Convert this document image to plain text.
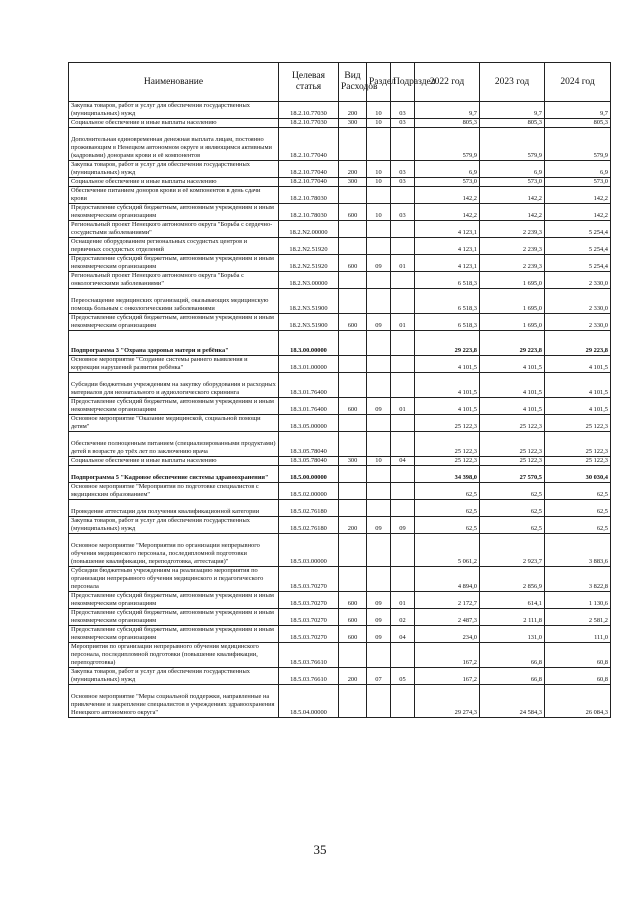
Наименование	Целевая статья	Вид Расходов	Раздел	Подраздел	2022 год	2023 год	2024 год
Закупка товаров, работ и услуг для обеспечения государственных (муниципальных) нужд	18.2.10.77030	200	10	03	9,7	9,7	9,7
Социальное обеспечение и иные выплаты населению	18.2.10.77030	300	10	03	805,3	805,3	805,3
Дополнительная единовременная денежная выплата лицам, постоянно проживающим в Ненецком автономном округе и являющимся активными (кадровыми) донорами крови и её компонентов	18.2.10.77040				579,9	579,9	579,9
Закупка товаров, работ и услуг для обеспечения государственных (муниципальных) нужд	18.2.10.77040	200	10	03	6,9	6,9	6,9
Социальное обеспечение и иные выплаты населению	18.2.10.77040	300	10	03	573,0	573,0	573,0
Обеспечение питанием доноров крови и её компонентов в день сдачи крови	18.2.10.78030				142,2	142,2	142,2
Предоставление субсидий бюджетным, автономным учреждениям и иным некоммерческим организациям	18.2.10.78030	600	10	03	142,2	142,2	142,2
Региональный проект Ненецкого автономного округа "Борьба с сердечно-сосудистыми заболеваниями"	18.2.N2.00000				4 123,1	2 239,3	5 254,4
Оснащение оборудованием региональных сосудистых центров и первичных сосудистых отделений	18.2.N2.51920				4 123,1	2 239,3	5 254,4
Предоставление субсидий бюджетным, автономным учреждениям и иным некоммерческим организациям	18.2.N2.51920	600	09	01	4 123,1	2 239,3	5 254,4
Региональный проект Ненецкого автономного округа "Борьба с онкологическими заболеваниями"	18.2.N3.00000				6 518,3	1 695,0	2 330,0
Переоснащение медицинских организаций, оказывающих медицинскую помощь больным с онкологическими заболеваниями	18.2.N3.51900				6 518,3	1 695,0	2 330,0
Предоставление субсидий бюджетным, автономным учреждениям и иным некоммерческим организациям	18.2.N3.51900	600	09	01	6 518,3	1 695,0	2 330,0
Подпрограмма 3 "Охрана здоровья матери и ребёнка"	18.3.00.00000				29 223,8	29 223,8	29 223,8
Основное мероприятие "Создание системы раннего выявления и коррекции нарушений развития ребёнка"	18.3.01.00000				4 101,5	4 101,5	4 101,5
Субсидии бюджетным учреждениям на закупку оборудования и расходных материалов для неонатального и аудиологического скрининга	18.3.01.76400				4 101,5	4 101,5	4 101,5
Предоставление субсидий бюджетным, автономным учреждениям и иным некоммерческим организациям	18.3.01.76400	600	09	01	4 101,5	4 101,5	4 101,5
Основное мероприятие "Оказание медицинской, социальной помощи детям"	18.3.05.00000				25 122,3	25 122,3	25 122,3
Обеспечение полноценным питанием (специализированными продуктами) детей в возрасте до трёх лет по заключению врача	18.3.05.78040				25 122,3	25 122,3	25 122,3
Социальное обеспечение и иные выплаты населению	18.3.05.78040	300	10	04	25 122,3	25 122,3	25 122,3
Подпрограмма 5 "Кадровое обеспечение системы здравоохранения"	18.5.00.00000				34 398,0	27 570,5	30 030,4
Основное мероприятие "Мероприятия по подготовке специалистов с медицинским образованием"	18.5.02.00000				62,5	62,5	62,5
Проведение аттестации для получения квалификационной категории	18.5.02.76180				62,5	62,5	62,5
Закупка товаров, работ и услуг для обеспечения государственных (муниципальных) нужд	18.5.02.76180	200	09	09	62,5	62,5	62,5
Основное мероприятие "Мероприятия по организации непрерывного обучения медицинского персонала, последипломной подготовки (повышение квалификации, переподготовка, аттестация)"	18.5.03.00000				5 061,2	2 923,7	3 883,6
Субсидии бюджетным учреждениям на реализацию мероприятия по организации непрерывного обучения медицинского и педагогического персонала	18.5.03.70270				4 894,0	2 856,9	3 822,8
Предоставление субсидий бюджетным, автономным учреждениям и иным некоммерческим организациям	18.5.03.70270	600	09	01	2 172,7	614,1	1 130,6
Предоставление субсидий бюджетным, автономным учреждениям и иным некоммерческим организациям	18.5.03.70270	600	09	02	2 487,3	2 111,8	2 581,2
Предоставление субсидий бюджетным, автономным учреждениям и иным некоммерческим организациям	18.5.03.70270	600	09	04	234,0	131,0	111,0
Мероприятия по организации непрерывного обучения медицинского персонала, последипломной подготовки (повышение квалификации, переподготовка)	18.5.03.76610				167,2	66,8	60,8
Закупка товаров, работ и услуг для обеспечения государственных (муниципальных) нужд	18.5.03.76610	200	07	05	167,2	66,8	60,8
Основное мероприятие "Меры социальной поддержки, направленные на привлечение и закрепление специалистов в учреждениях здравоохранения Ненецкого автономного округа"	18.5.04.00000				29 274,3	24 584,3	26 084,3
35
